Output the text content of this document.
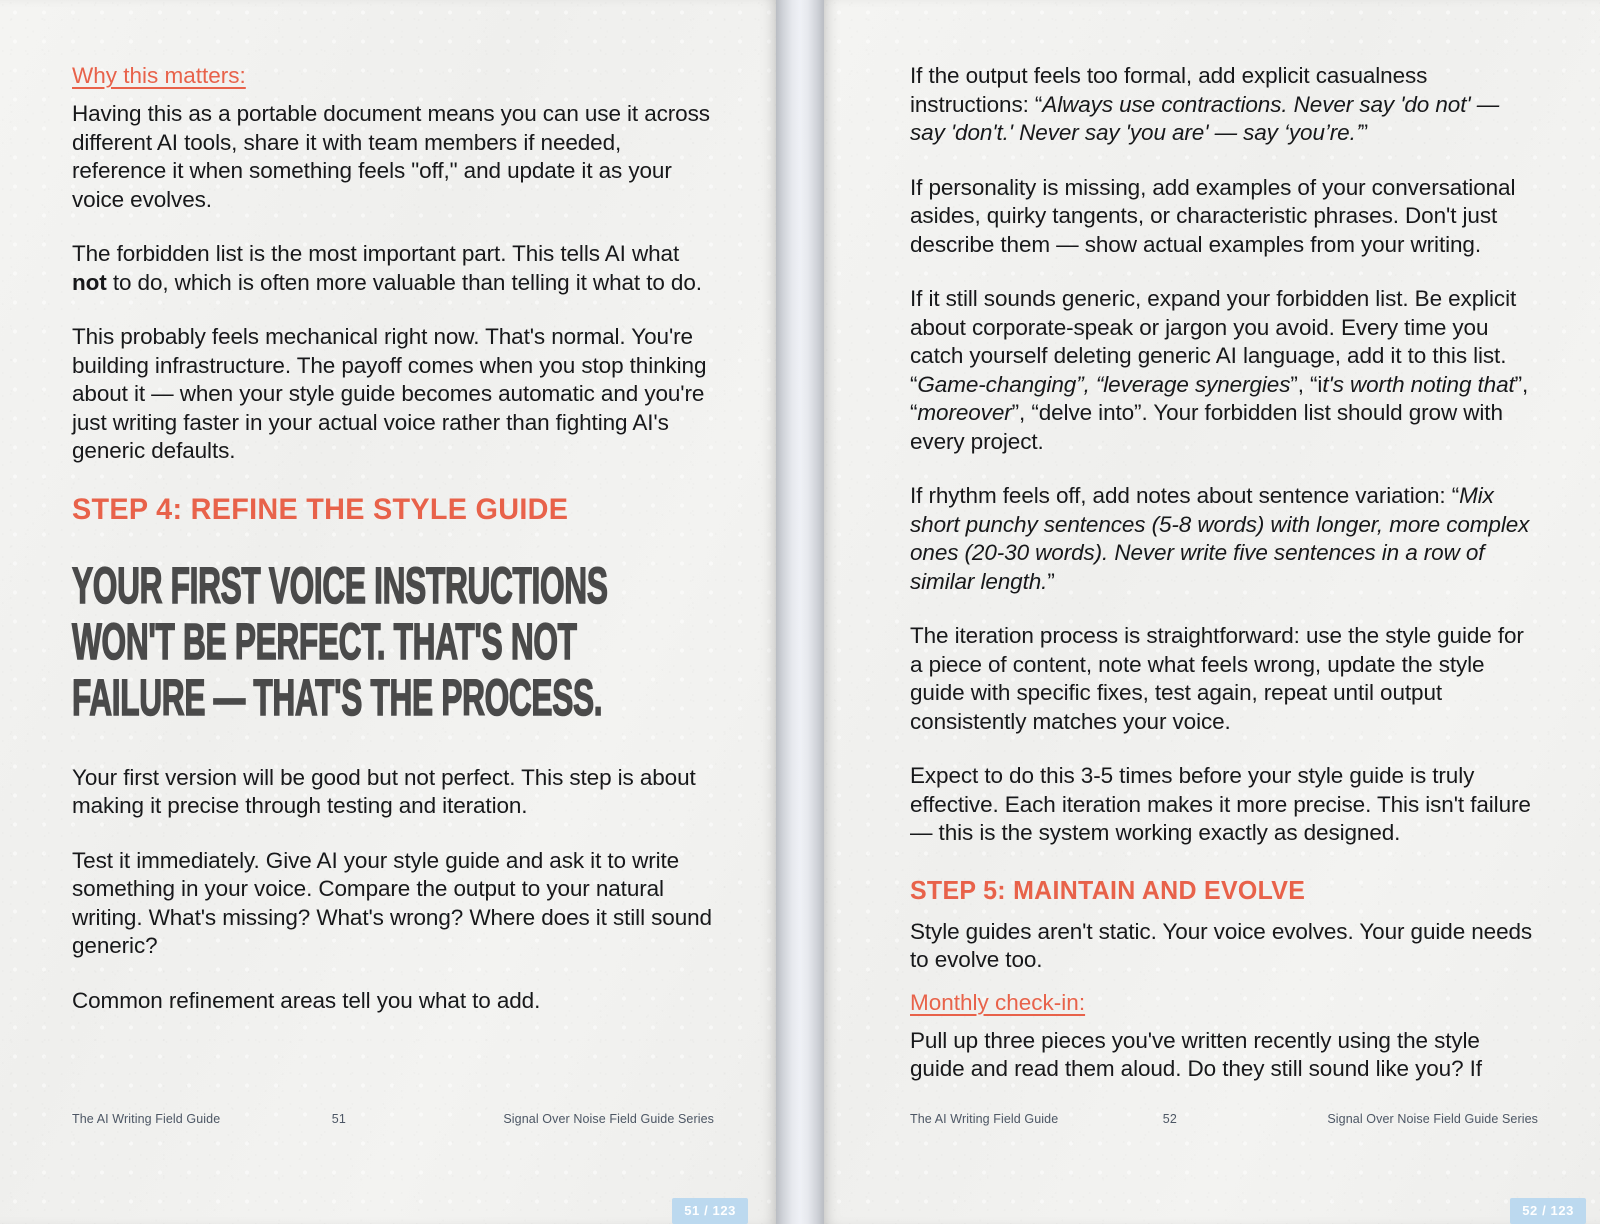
Why this matters:

Having this as a portable document means you can use it across different AI tools, share it with team members if needed, reference it when something feels "off," and update it as your voice evolves.

The forbidden list is the most important part. This tells AI what not to do, which is often more valuable than telling it what to do.

This probably feels mechanical right now. That's normal. You're building infrastructure. The payoff comes when you stop thinking about it — when your style guide becomes automatic and you're just writing faster in your actual voice rather than fighting AI's generic defaults.

STEP 4: REFINE THE STYLE GUIDE
YOUR FIRST VOICE INSTRUCTIONS WON'T BE PERFECT. THAT'S NOT FAILURE — THAT'S THE PROCESS.

Your first version will be good but not perfect. This step is about making it precise through testing and iteration.

Test it immediately. Give AI your style guide and ask it to write something in your voice. Compare the output to your natural writing. What's missing? What's wrong? Where does it still sound generic?

Common refinement areas tell you what to add.

The AI Writing Field Guide	51	Signal Over Noise Field Guide Series
51 / 123

If the output feels too formal, add explicit casualness instructions: “Always use contractions. Never say 'do not' — say 'don't.' Never say 'you are' — say ‘you’re.’”

If personality is missing, add examples of your conversational asides, quirky tangents, or characteristic phrases. Don't just describe them — show actual examples from your writing.

If it still sounds generic, expand your forbidden list. Be explicit about corporate-speak or jargon you avoid. Every time you catch yourself deleting generic AI language, add it to this list. “Game-changing”, “leverage synergies”, “it's worth noting that”, “moreover”, “delve into”. Your forbidden list should grow with every project.

If rhythm feels off, add notes about sentence variation: “Mix short punchy sentences (5-8 words) with longer, more complex ones (20-30 words). Never write five sentences in a row of similar length.”

The iteration process is straightforward: use the style guide for a piece of content, note what feels wrong, update the style guide with specific fixes, test again, repeat until output consistently matches your voice.

Expect to do this 3-5 times before your style guide is truly effective. Each iteration makes it more precise. This isn't failure — this is the system working exactly as designed.

STEP 5: MAINTAIN AND EVOLVE

Style guides aren't static. Your voice evolves. Your guide needs to evolve too.

Monthly check-in:

Pull up three pieces you've written recently using the style guide and read them aloud. Do they still sound like you? If

The AI Writing Field Guide	52	Signal Over Noise Field Guide Series
52 / 123
